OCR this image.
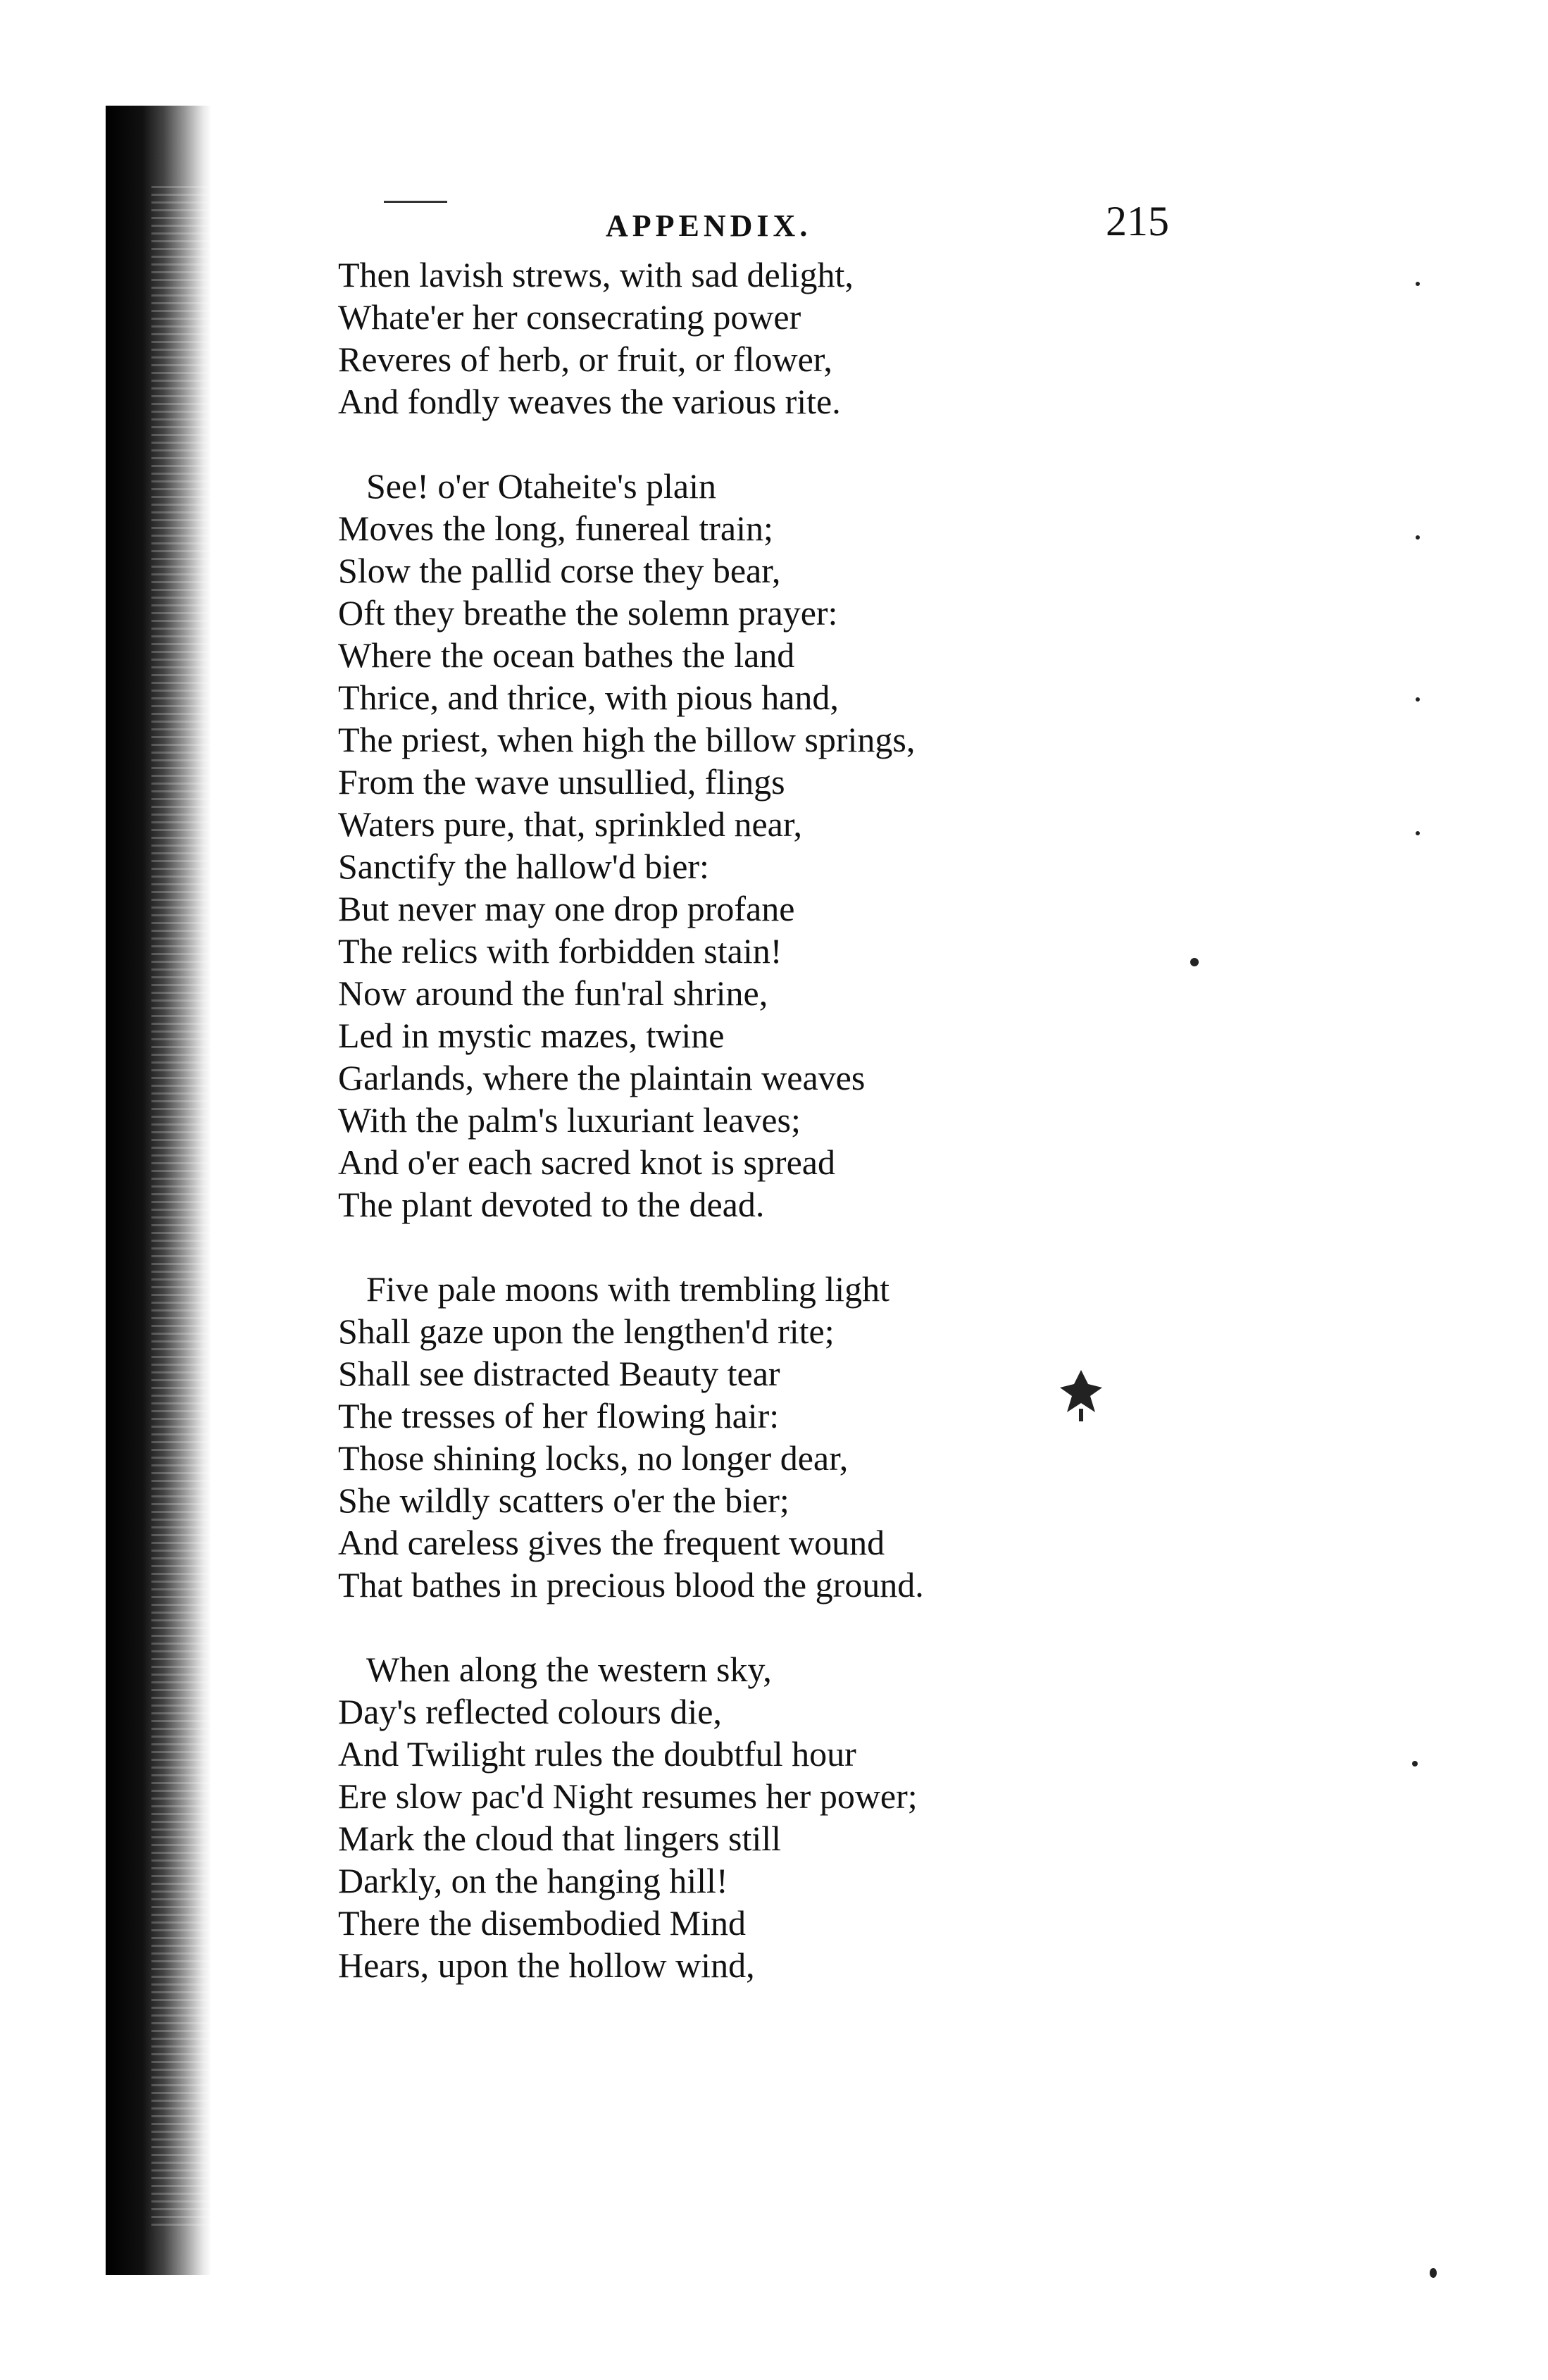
APPENDIX.	215
Then lavish strews, with sad delight,
Whate'er her consecrating power
Reveres of herb, or fruit, or flower,
And fondly weaves the various rite.
See! o'er Otaheite's plain
Moves the long, funereal train;
Slow the pallid corse they bear,
Oft they breathe the solemn prayer:
Where the ocean bathes the land
Thrice, and thrice, with pious hand,
The priest, when high the billow springs,
From the wave unsullied, flings
Waters pure, that, sprinkled near,
Sanctify the hallow'd bier:
But never may one drop profane
The relics with forbidden stain!
Now around the fun'ral shrine,
Led in mystic mazes, twine
Garlands, where the plaintain weaves
With the palm's luxuriant leaves;
And o'er each sacred knot is spread
The plant devoted to the dead.
Five pale moons with trembling light
Shall gaze upon the lengthen'd rite;
Shall see distracted Beauty tear
The tresses of her flowing hair:
Those shining locks, no longer dear,
She wildly scatters o'er the bier;
And careless gives the frequent wound
That bathes in precious blood the ground.
When along the western sky,
Day's reflected colours die,
And Twilight rules the doubtful hour
Ere slow pac'd Night resumes her power;
Mark the cloud that lingers still
Darkly, on the hanging hill!
There the disembodied Mind
Hears, upon the hollow wind,
